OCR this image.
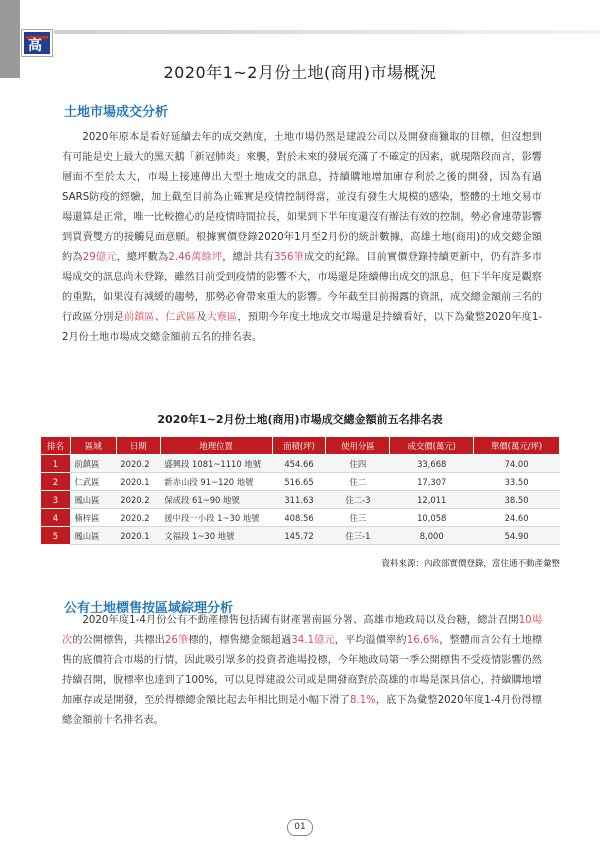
高
2020年1~2月份土地(商用)市場概況
土地市場成交分析

2020年原本是看好延續去年的成交熱度，土地市場仍然是建設公司以及開發商獵取的目標，但沒想到有可能是史上最大的黑天鵝「新冠肺炎」來襲，對於未來的發展充滿了不確定的因素，就現階段而言，影響層面不至於太大，市場上接連傳出大型土地成交的訊息，持續購地增加庫存利於之後的開發，因為有過SARS防疫的經驗，加上截至目前為止確實是疫情控制得當，並沒有發生大規模的感染，整體的土地交易市場還算是正常，唯一比較擔心的是疫情時間拉長，如果到下半年度還沒有辦法有效的控制，勢必會連帶影響到買賣雙方的接觸見面意願。根據實價登錄2020年1月至2月份的統計數據，高雄土地(商用)的成交總金額約為29億元，總坪數為2.46萬餘坪，總計共有356筆成交的紀錄。目前實價登錄持續更新中，仍有許多市場成交的訊息尚未登錄，雖然目前受到疫情的影響不大，市場還是陸續傳出成交的訊息，但下半年度是觀察的重點，如果沒有減緩的趨勢，那勢必會帶來重大的影響。今年截至目前揭露的資訊，成交總金額前三名的行政區分別是前鎮區、仁武區及大寮區，預期今年度土地成交市場還是持續看好，以下為彙整2020年度1-2月份土地市場成交總金額前五名的排名表。

2020年1~2月份土地(商用)市場成交總金額前五名排名表
排名	區域	日期	地理位置	面積(坪)	使用分區	成交價(萬元)	單價(萬元/坪)
1	前鎮區	2020.2	盛興段 1081~1110 地號	454.66	住四	33,668	74.00
2	仁武區	2020.1	新赤山段 91~120 地號	516.65	住二	17,307	33.50
3	鳳山區	2020.2	保成段 61~90 地號	311.63	住二-3	12,011	38.50
4	楠梓區	2020.2	援中段一小段 1~30 地號	408.56	住三	10,058	24.60
5	鳳山區	2020.1	文福段 1~30 地號	145.72	住三-1	8,000	54.90
資料來源：內政部實價登錄，富住通不動產彙整
公有土地標售按區域綜理分析

2020年度1-4月份公有不動產標售包括國有財產署南區分署、高雄市地政局以及台糖，總計召開10場次的公開標售，共標出26筆標的，標售總金額超過34.1億元，平均溢價率約16.6%，整體而言公有土地標售的底價符合市場的行情，因此吸引眾多的投資者進場投標，今年地政局第一季公開標售不受疫情影響仍然持續召開，脫標率也達到了100%，可以見得建設公司或是開發商對於高雄的市場是深具信心，持續購地增加庫存或是開發，至於得標總金額比起去年相比則是小幅下滑了8.1%，底下為彙整2020年度1-4月份得標總金額前十名排名表。

01
